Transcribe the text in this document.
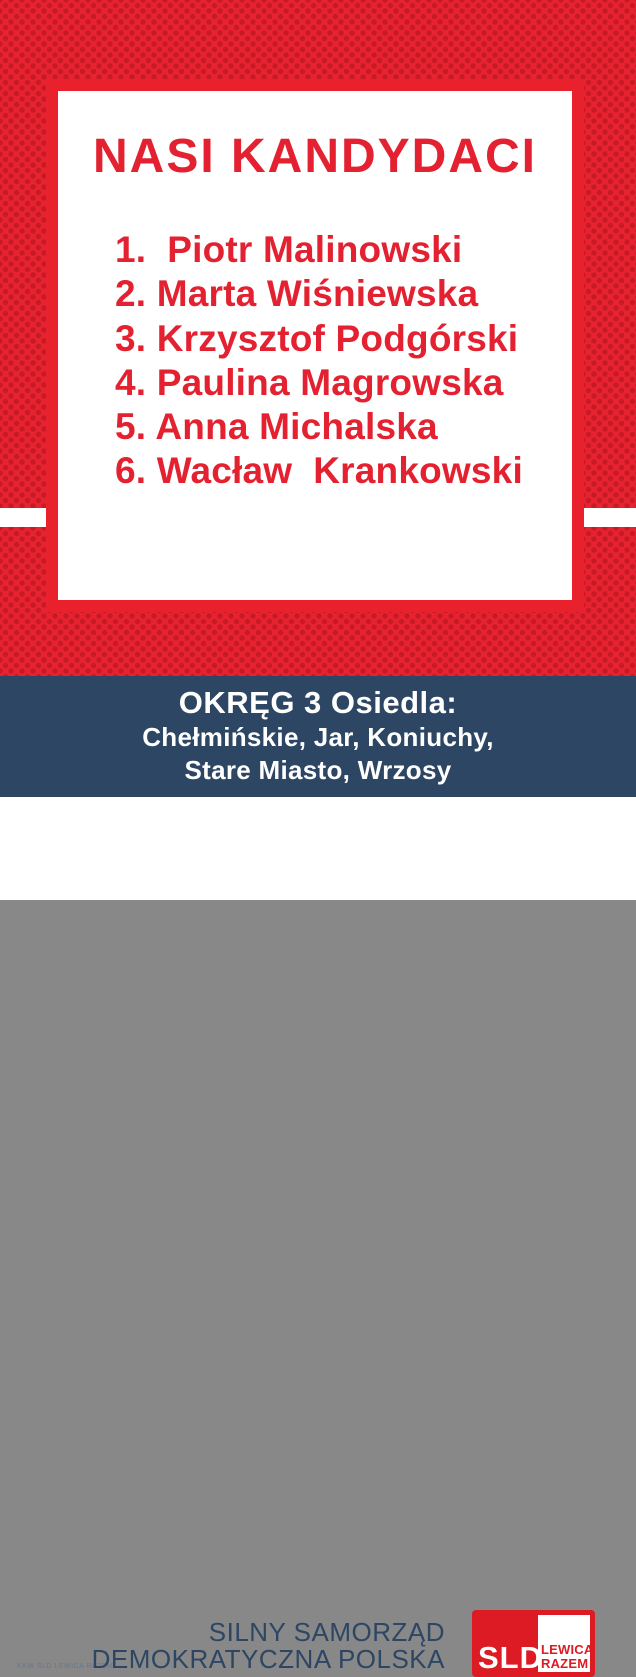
NASI KANDYDACI
1.  Piotr Malinowski
2. Marta Wiśniewska
3. Krzysztof Podgórski
4. Paulina Magrowska
5. Anna Michalska
6. Wacław  Krankowski
OKRĘG 3 Osiedla:
Chełmińskie, Jar, Koniuchy,
Stare Miasto, Wrzosy
KKW SLD LEWICA RAZEM
SILNY SAMORZĄD
DEMOKRATYCZNA POLSKA	LEWICA
RAZEM
SLD
